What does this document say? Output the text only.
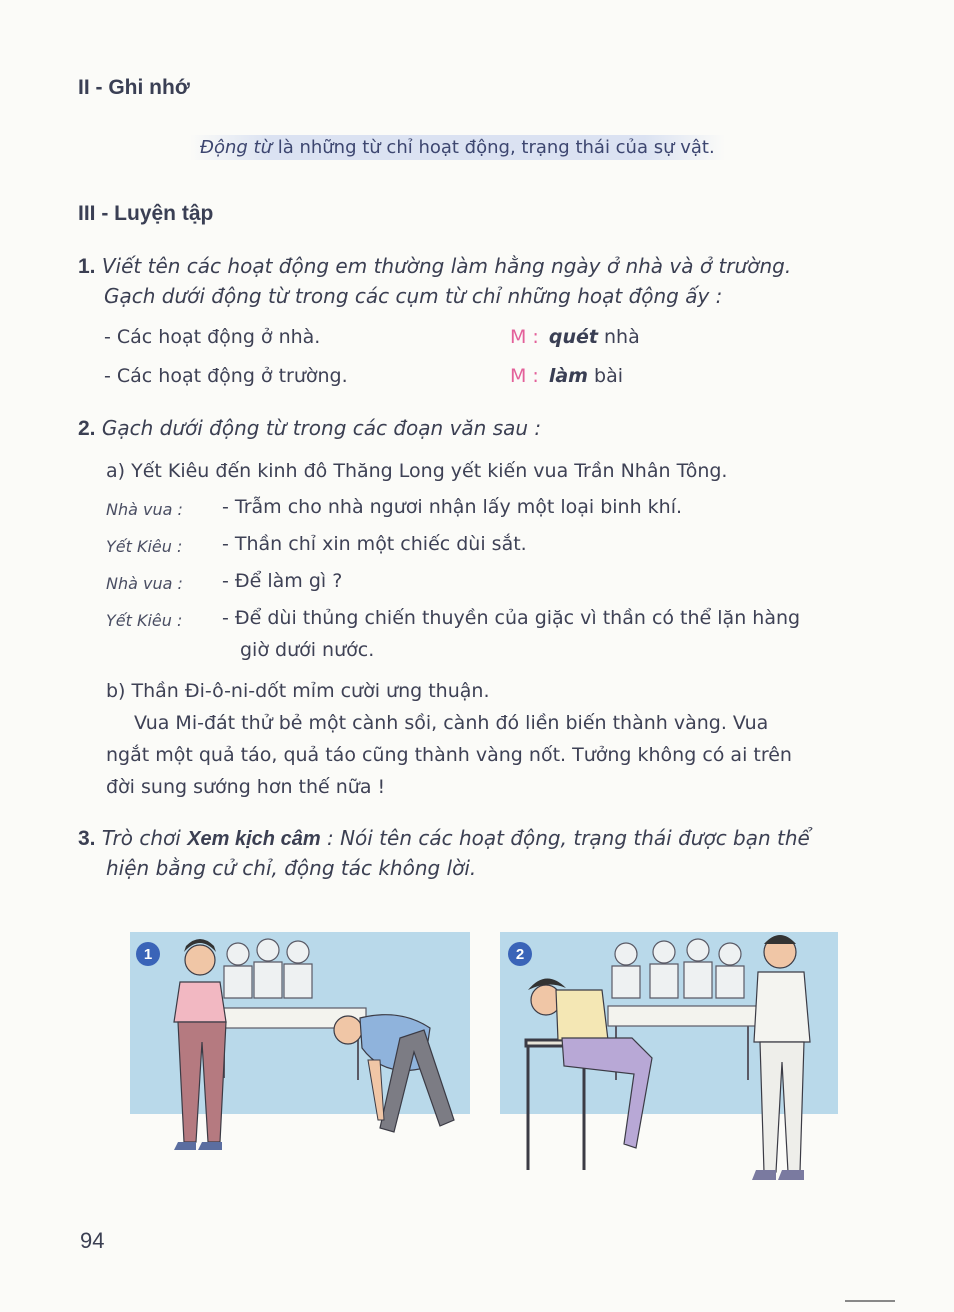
II - Ghi nhớ
Động từ là những từ chỉ hoạt động, trạng thái của sự vật.
III - Luyện tập
1. Viết tên các hoạt động em thường làm hằng ngày ở nhà và ở trường.
Gạch dưới động từ trong các cụm từ chỉ những hoạt động ấy :
- Các hoạt động ở nhà.	M : quét nhà
- Các hoạt động ở trường.	M : làm bài
2. Gạch dưới động từ trong các đoạn văn sau :
a) Yết Kiêu đến kinh đô Thăng Long yết kiến vua Trần Nhân Tông.
Nhà vua : - Trẫm cho nhà ngươi nhận lấy một loại binh khí.
Yết Kiêu : - Thần chỉ xin một chiếc dùi sắt.
Nhà vua : - Để làm gì ?
Yết Kiêu : - Để dùi thủng chiến thuyền của giặc vì thần có thể lặn hàng
giờ dưới nước.
b) Thần Đi-ô-ni-dốt mỉm cười ưng thuận.
Vua Mi-đát thử bẻ một cành sồi, cành đó liền biến thành vàng. Vua
ngắt một quả táo, quả táo cũng thành vàng nốt. Tưởng không có ai trên
đời sung sướng hơn thế nữa !
3. Trò chơi Xem kịch câm : Nói tên các hoạt động, trạng thái được bạn thể
hiện bằng cử chỉ, động tác không lời.
1	2
94
